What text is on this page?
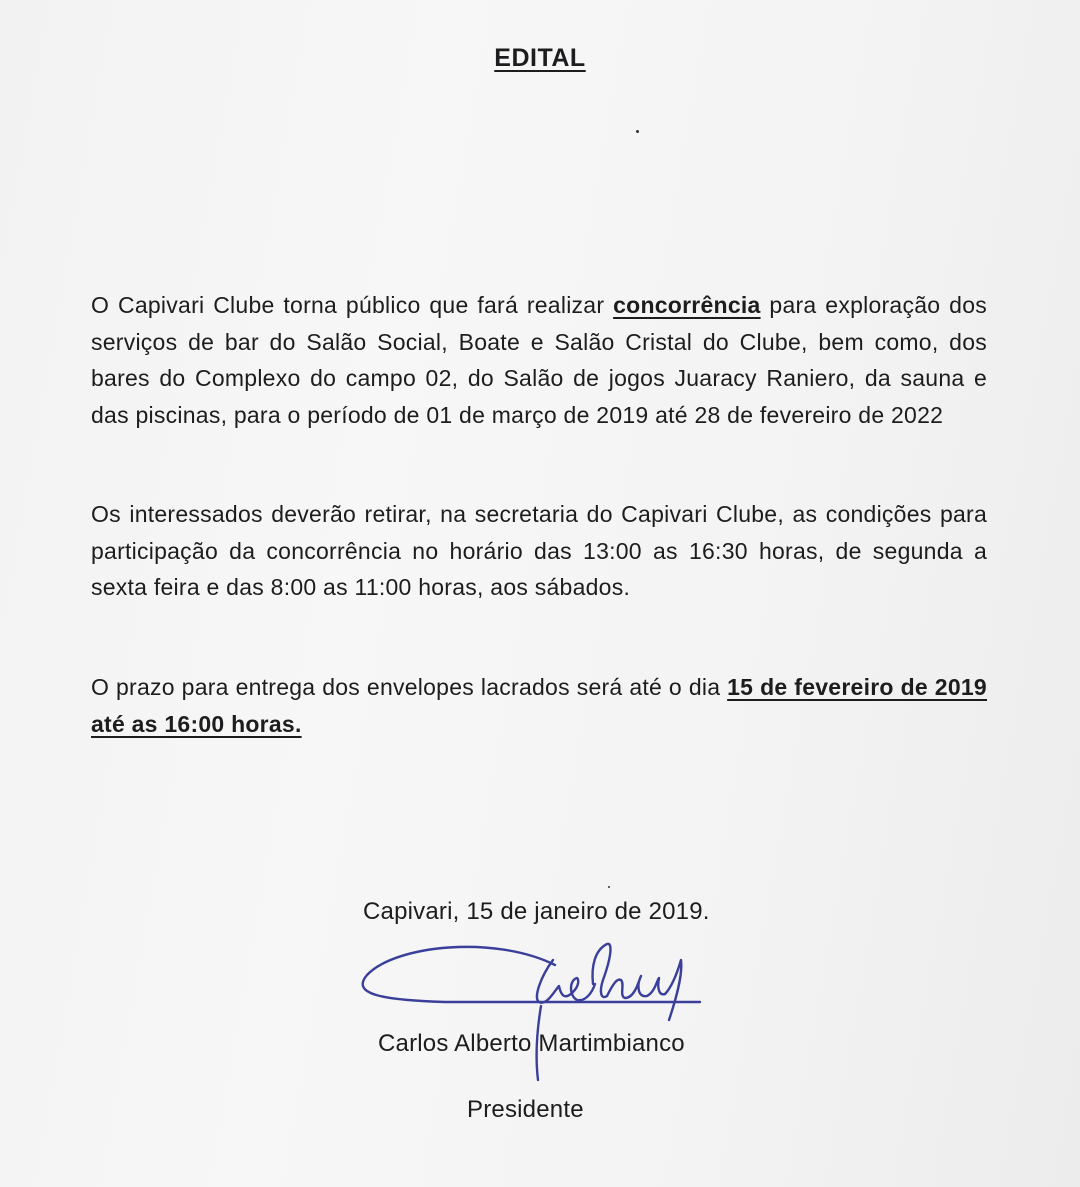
EDITAL
O Capivari Clube torna público que fará realizar concorrência para exploração dos serviços de bar do Salão Social, Boate e Salão Cristal do Clube, bem como, dos bares do Complexo do campo 02, do Salão de jogos Juaracy Raniero, da sauna e das piscinas, para o período de 01 de março de 2019 até 28 de fevereiro de 2022
Os interessados deverão retirar, na secretaria do Capivari Clube, as condições para participação da concorrência no horário das 13:00 as 16:30 horas, de segunda a sexta feira e das 8:00 as 11:00 horas, aos sábados.
O prazo para entrega dos envelopes lacrados será até o dia 15 de fevereiro de 2019 até as 16:00 horas.
Capivari, 15 de janeiro de 2019.
Carlos Alberto Martimbianco
Presidente
